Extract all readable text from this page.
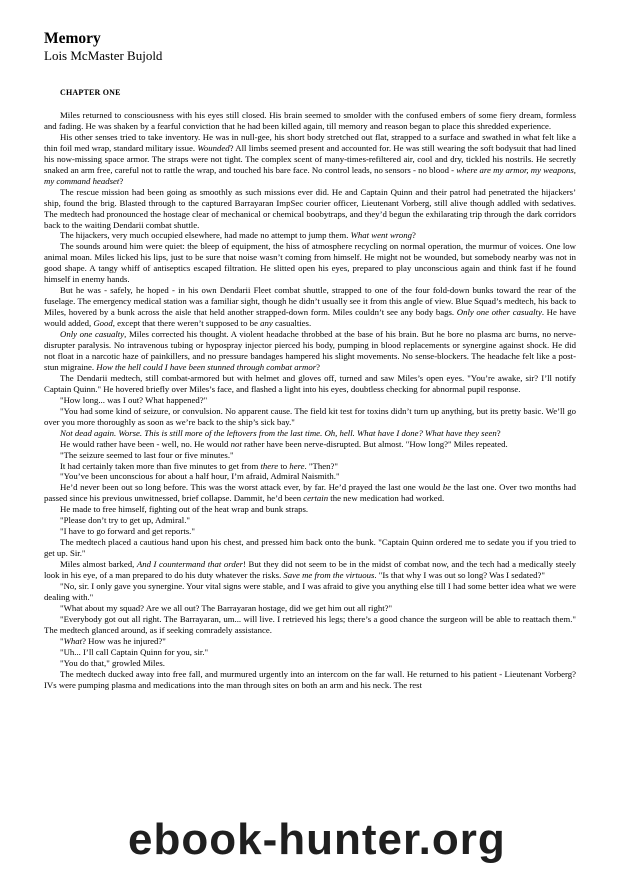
Memory
Lois McMaster Bujold
CHAPTER ONE

Miles returned to consciousness with his eyes still closed. His brain seemed to smolder with the confused embers of some fiery dream, formless and fading. He was shaken by a fearful conviction that he had been killed again, till memory and reason began to place this shredded experience.

His other senses tried to take inventory. He was in null-gee, his short body stretched out flat, strapped to a surface and swathed in what felt like a thin foil med wrap, standard military issue. Wounded? All limbs seemed present and accounted for. He was still wearing the soft bodysuit that had lined his now-missing space armor. The straps were not tight. The complex scent of many-times-refiltered air, cool and dry, tickled his nostrils. He secretly snaked an arm free, careful not to rattle the wrap, and touched his bare face. No control leads, no sensors - no blood - where are my armor, my weapons, my command headset?

The rescue mission had been going as smoothly as such missions ever did. He and Captain Quinn and their patrol had penetrated the hijackers’ ship, found the brig. Blasted through to the captured Barrayaran ImpSec courier officer, Lieutenant Vorberg, still alive though addled with sedatives. The medtech had pronounced the hostage clear of mechanical or chemical boobytraps, and they’d begun the exhilarating trip through the dark corridors back to the waiting Dendarii combat shuttle.

The hijackers, very much occupied elsewhere, had made no attempt to jump them. What went wrong?

The sounds around him were quiet: the bleep of equipment, the hiss of atmosphere recycling on normal operation, the murmur of voices. One low animal moan. Miles licked his lips, just to be sure that noise wasn’t coming from himself. He might not be wounded, but somebody nearby was not in good shape. A tangy whiff of antiseptics escaped filtration. He slitted open his eyes, prepared to play unconscious again and think fast if he found himself in enemy hands.

But he was - safely, he hoped - in his own Dendarii Fleet combat shuttle, strapped to one of the four fold-down bunks toward the rear of the fuselage. The emergency medical station was a familiar sight, though he didn’t usually see it from this angle of view. Blue Squad’s medtech, his back to Miles, hovered by a bunk across the aisle that held another strapped-down form. Miles couldn’t see any body bags. Only one other casualty. He have would added, Good, except that there weren’t supposed to be any casualties.

Only one casualty, Miles corrected his thought. A violent headache throbbed at the base of his brain. But he bore no plasma arc burns, no nerve-disrupter paralysis. No intravenous tubing or hypospray injector pierced his body, pumping in blood replacements or synergine against shock. He did not float in a narcotic haze of painkillers, and no pressure bandages hampered his slight movements. No sense-blockers. The headache felt like a post-stun migraine. How the hell could I have been stunned through combat armor?

The Dendarii medtech, still combat-armored but with helmet and gloves off, turned and saw Miles’s open eyes. "You’re awake, sir? I’ll notify Captain Quinn." He hovered briefly over Miles’s face, and flashed a light into his eyes, doubtless checking for abnormal pupil response.

"How long... was I out? What happened?"

"You had some kind of seizure, or convulsion. No apparent cause. The field kit test for toxins didn’t turn up anything, but its pretty basic. We’ll go over you more thoroughly as soon as we’re back to the ship’s sick bay."

Not dead again. Worse. This is still more of the leftovers from the last time. Oh, hell. What have I done? What have they seen?

He would rather have been - well, no. He would not rather have been nerve-disrupted. But almost. "How long?" Miles repeated.

"The seizure seemed to last four or five minutes."

It had certainly taken more than five minutes to get from there to here. "Then?"

"You’ve been unconscious for about a half hour, I’m afraid, Admiral Naismith."

He’d never been out so long before. This was the worst attack ever, by far. He’d prayed the last one would be the last one. Over two months had passed since his previous unwitnessed, brief collapse. Dammit, he’d been certain the new medication had worked.

He made to free himself, fighting out of the heat wrap and bunk straps.

"Please don’t try to get up, Admiral."

"I have to go forward and get reports."

The medtech placed a cautious hand upon his chest, and pressed him back onto the bunk. "Captain Quinn ordered me to sedate you if you tried to get up. Sir."

Miles almost barked, And I countermand that order! But they did not seem to be in the midst of combat now, and the tech had a medically steely look in his eye, of a man prepared to do his duty whatever the risks. Save me from the virtuous. "Is that why I was out so long? Was I sedated?"

"No, sir. I only gave you synergine. Your vital signs were stable, and I was afraid to give you anything else till I had some better idea what we were dealing with."

"What about my squad? Are we all out? The Barrayaran hostage, did we get him out all right?"

"Everybody got out all right. The Barrayaran, um... will live. I retrieved his legs; there’s a good chance the surgeon will be able to reattach them." The medtech glanced around, as if seeking comradely assistance.

"What? How was he injured?"

"Uh... I’ll call Captain Quinn for you, sir."

"You do that," growled Miles.

The medtech ducked away into free fall, and murmured urgently into an intercom on the far wall. He returned to his patient - Lieutenant Vorberg? IVs were pumping plasma and medications into the man through sites on both an arm and his neck. The rest

ebook-hunter.org
